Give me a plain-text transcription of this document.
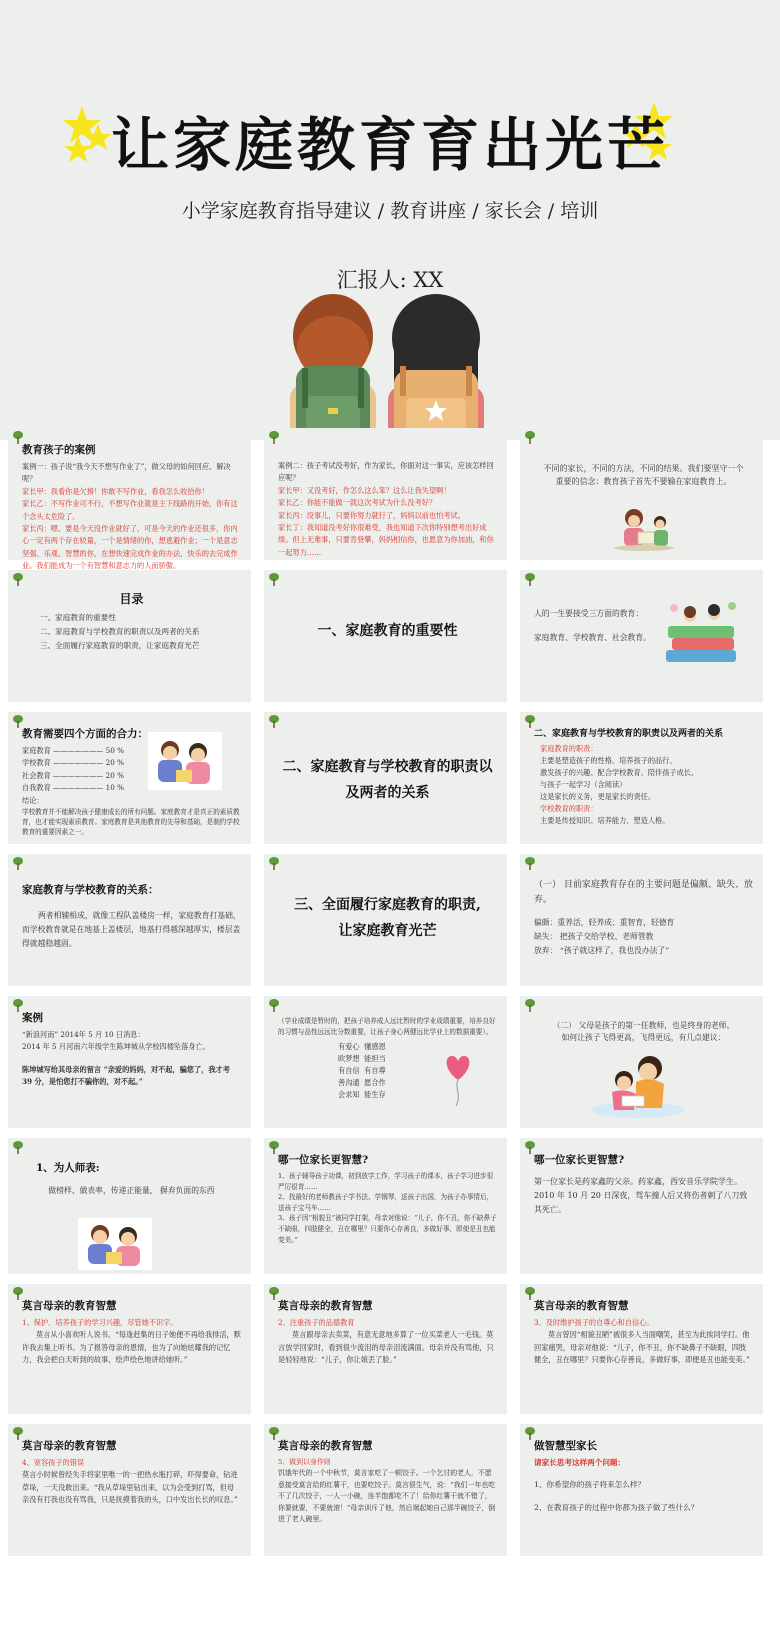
让家庭教育育出光芒
小学家庭教育指导建议 / 教育讲座 / 家长会 / 培训
汇报人: XX
教育孩子的案例

案例一：孩子说“我今天不想写作业了”，做父母的如何回应、解决呢？

家长甲：我看你是欠揍！你敢不写作业，看我怎么收拾你！

家长乙：不写作业可不行，不想写作业就是主下线路的开始，你有这个念头太危险了。

家长丙：嗯，要是今天没作业就好了，可是今天的作业还很多，你内心一定有两个存在较量，一个是情绪的你，想逃避作业；一个是意志坚强、乐观、智慧的你，在想快速完成作业的办法，快乐的去完成作业。我们能成为一个有智慧和意志力的人而骄傲。

案例二：孩子考试没考好，作为家长，你面对这一事实，应该怎样回应呢？

家长甲：又没考好，作怎么这么笨？这么让我失望啊！

家长乙：你能不能做一就这次考试为什么没考好？

家长丙：没事儿，只要你努力就行了，妈妈以前也怕考试。

家长丁：我知道没考好你很难受，我也知道下次你特别想考出好成绩。但上无难事，只要肯登攀，妈妈相信你，也愿意为你加油，和你一起努力……

不同的家长，不同的方法，不同的结果。我们要坚守一个重要的信念：教育孩子首先不要输在家庭教育上。
目录

一、家庭教育的重要性

二、家庭教育与学校教育的职责以及两者的关系

三、全面履行家庭教育的职责，让家庭教育光芒

一、家庭教育的重要性

人的一生要接受三方面的教育：

家庭教育、学校教育、社会教育。

教育需要四个方面的合力：

家庭教育 ——————— 50 %

学校教育 ——————— 20 %

社会教育 ——————— 20 %

自我教育 ——————— 10 %

结论：

学校教育并不能解决孩子健康成长的所有问题。家庭教育才是真正的素质教育，也才能实现素质教育。家庭教育是其他教育的先导和基础，是制约学校教育的重要因素之一。

二、家庭教育与学校教育的职责以
及两者的关系
二、家庭教育与学校教育的职责以及两者的关系

家庭教育的职责：

主要是塑造孩子的性格、培养孩子的品行、

激发孩子的兴趣、配合学校教育、陪伴孩子成长、

与孩子一起学习（含阅读）

这是家长的义务，更是家长的责任。

学校教育的职责：

主要是传授知识、培养能力、塑造人格。

家庭教育与学校教育的关系：
两者相辅相成，就像工程队盖楼房一样，家庭教育打基础，而学校教育就是在地基上盖楼层，地基打得越深越厚实，楼层盖得就越稳越固。
三、全面履行家庭教育的职责,
让家庭教育光芒
（一） 目前家庭教育存在的主要问题是偏颇、缺失、放弃。

偏颇：重养活，轻养成；重智育，轻德育

缺失： 把孩子交给学校、老师管教

放弃： “孩子就这样了，我也没办法了”

案例

“新浪河南” 2014年 5 月 10 日消息：

2014 年 5 月河南六年级学生陈坤城从学校四楼坠落身亡。

陈坤城写给其母亲的留言 “亲爱的妈妈，对不起，骗您了，我才考 39 分，是怕您打不骗你的，对不起。”

（学业成绩是暂时的，把孩子培养成人远比暂时的学业成绩重要，培养良好的习惯与品性远远比分数重要，让孩子身心两健远比学业上的数据重要）。

有爱心 懂感恩

欧梦想 能担当

有自信 有自尊

善沟通 愿合作

会求知 能生存

（二） 父母是孩子的第一任教师，也是终身的老师。

如何让孩子飞得更高，飞得更远，有几点建议：

1、为人师表:
做榜样、做表率，传递正能量， 摒弃负面的东西
哪一位家长更智慧?

1、孩子辅导孩子功课，初到放学工作，学习孩子的课本，孩子学习进步很严厉很苛……

2、找最好的老师教孩子学书法、学钢琴，送孩子出国，为孩子办事情后，送孩子宝马车……

3、孩子因“相貌丑”被同学打架，母亲对他说：“儿子，你不丑，你不缺鼻子不缺眼，四肢健全，丑在哪里？只要你心存善良，多做好事，即便是丑也能变美。”

哪一位家长更智慧?
第一位家长是药家鑫的父亲。药家鑫，西安音乐学院学生。2010 年 10 月 20 日深夜，驾车撞人后又将伤者刺了八刀致其死亡。
莫言母亲的教育智慧

1、保护、培养孩子的学习兴趣，尽管她不识字。

莫言从小喜欢听人说书。“每逢赶集的日子她便不再给我排活，默许我去集上听书。为了报答母亲的恩情，也为了向她炫耀我的记忆力，我会把白天听到的故事，绘声绘色地讲给她听。”

莫言母亲的教育智慧

2、注重孩子的品德教育

莫言跟母亲去卖菜，有意无意地多算了一位买菜老人一毛钱。莫言放学回家时，看到很少流泪的母亲泪流满面。母亲并没有骂他，只是轻轻地说：“儿子，你让娘丢了脸。”

莫言母亲的教育智慧

3、及时维护孩子的自尊心和自信心。

莫言曾因“相貌丑陋”被很多人当面嘲笑，甚至为此挨同学打。他回家痛哭，母亲对他说：“儿子，你不丑，你不缺鼻子不缺眼，四肢健全，丑在哪里？只要你心存善良，多做好事，即便是丑也能变美。”

莫言母亲的教育智慧

4、宽容孩子的错误

莫言小时候曾经失手将家里唯一的一把热水瓶打碎，吓得要命，钻进草垛，一天没敢出来。“我从草垛里钻出来，以为会受到打骂，但母亲没有打我也没有骂我，只是抚摸着我的头，口中发出长长的叹息。”

莫言母亲的教育智慧

5、做到以身作则

饥饿年代的一个中秋节，莫言家吃了一顿饺子。一个乞讨的老人，不愿意接受莫言给的红薯干，也要吃饺子。莫言很生气，说：“我们一年也吃不了几次饺子，一人一小碗，连半饱都吃不了！给你红薯干就不错了，你要就要，不要就滚！”母亲训斥了他，然后端起她自己那半碗饺子，倒进了老人碗里。

做智慧型家长

请家长思考这样两个问题：

1、你希望你的孩子将来怎么样？

2、在教育孩子的过程中你都为孩子做了些什么？
